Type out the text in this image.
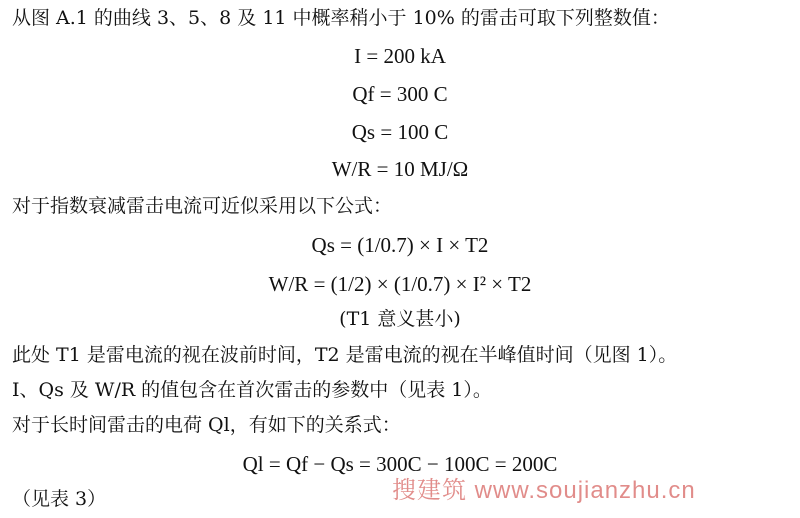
从图 A.1 的曲线 3、5、8 及 11 中概率稍小于 10% 的雷击可取下列整数值：
I = 200 kA
Qf = 300 C
Qs = 100 C
W/R = 10 MJ/Ω
对于指数衰减雷击电流可近似采用以下公式：
Qs = (1/0.7) × I × T2
W/R = (1/2) × (1/0.7) × I² × T2
(T1 意义甚小)
此处 T1 是雷电流的视在波前时间，T2 是雷电流的视在半峰值时间（见图 1）。
I、Qs 及 W/R 的值包含在首次雷击的参数中（见表 1）。
对于长时间雷击的电荷 Ql，有如下的关系式：
Ql = Qf − Qs = 300C − 100C = 200C
（见表 3）	搜建筑 www.soujianzhu.cn
